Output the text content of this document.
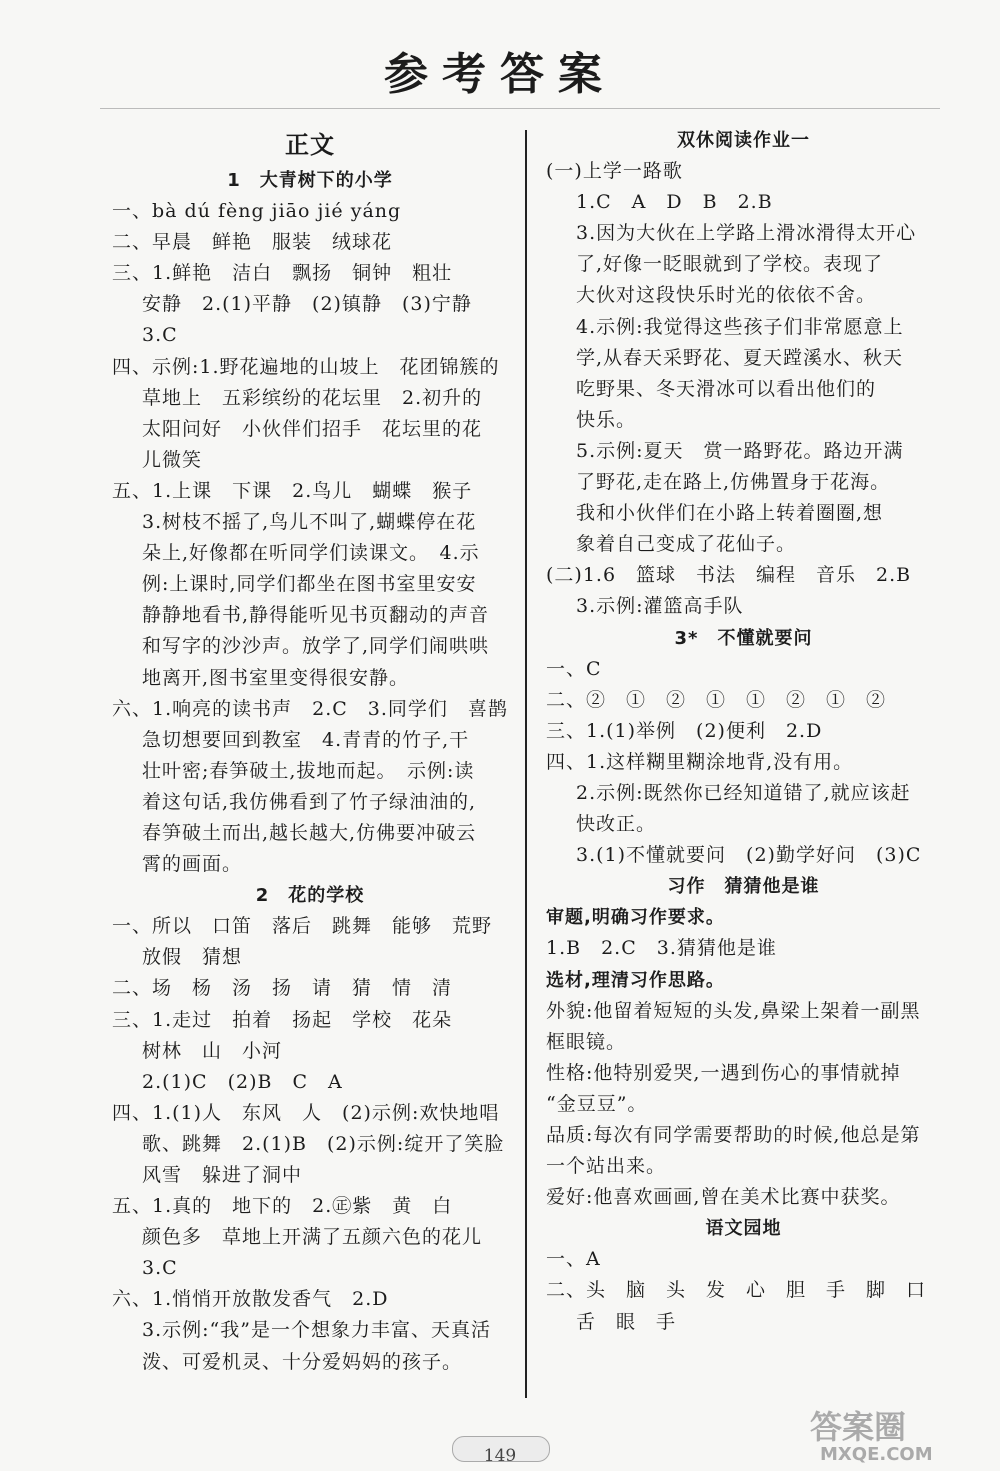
参考答案
正文
1　大青树下的小学
一、bà dú fèng jiāo jié yáng
二、早晨　鲜艳　服装　绒球花
三、1.鲜艳　洁白　飘扬　铜钟　粗壮
安静　2.(1)平静　(2)镇静　(3)宁静
3.C
四、示例:1.野花遍地的山坡上　花团锦簇的
草地上　五彩缤纷的花坛里　2.初升的
太阳问好　小伙伴们招手　花坛里的花
儿微笑
五、1.上课　下课　2.鸟儿　蝴蝶　猴子
3.树枝不摇了,鸟儿不叫了,蝴蝶停在花
朵上,好像都在听同学们读课文。　4.示
例:上课时,同学们都坐在图书室里安安
静静地看书,静得能听见书页翻动的声音
和写字的沙沙声。放学了,同学们闹哄哄
地离开,图书室里变得很安静。
六、1.响亮的读书声　2.C　3.同学们　喜鹊
急切想要回到教室　4.青青的竹子,干
壮叶密;春笋破土,拔地而起。　示例:读
着这句话,我仿佛看到了竹子绿油油的,
春笋破土而出,越长越大,仿佛要冲破云
霄的画面。
2　花的学校
一、所以　口笛　落后　跳舞　能够　荒野
放假　猜想
二、场　杨　汤　扬　请　猜　情　清
三、1.走过　拍着　扬起　学校　花朵
树林　山　小河
2.(1)C　(2)B　C　A
四、1.(1)人　东风　人　(2)示例:欢快地唱
歌、跳舞　2.(1)B　(2)示例:绽开了笑脸
风雪　躲进了洞中
五、1.真的　地下的　2.㊣紫　黄　白
颜色多　草地上开满了五颜六色的花儿
3.C
六、1.悄悄开放散发香气　2.D
3.示例:“我”是一个想象力丰富、天真活
泼、可爱机灵、十分爱妈妈的孩子。
双休阅读作业一
(一)上学一路歌
1.C　A　D　B　2.B
3.因为大伙在上学路上滑冰滑得太开心
了,好像一眨眼就到了学校。表现了
大伙对这段快乐时光的依依不舍。
4.示例:我觉得这些孩子们非常愿意上
学,从春天采野花、夏天蹚溪水、秋天
吃野果、冬天滑冰可以看出他们的
快乐。
5.示例:夏天　赏一路野花。路边开满
了野花,走在路上,仿佛置身于花海。
我和小伙伴们在小路上转着圈圈,想
象着自己变成了花仙子。
(二)1.6　篮球　书法　编程　音乐　2.B
3.示例:灌篮高手队
3*　不懂就要问
一、C
二、②　①　②　①　①　②　①　②
三、1.(1)举例　(2)便利　2.D
四、1.这样糊里糊涂地背,没有用。
2.示例:既然你已经知道错了,就应该赶
快改正。
3.(1)不懂就要问　(2)勤学好问　(3)C
习作　猜猜他是谁
审题,明确习作要求。
1.B　2.C　3.猜猜他是谁
选材,理清习作思路。
外貌:他留着短短的头发,鼻梁上架着一副黑
框眼镜。
性格:他特别爱哭,一遇到伤心的事情就掉
“金豆豆”。
品质:每次有同学需要帮助的时候,他总是第
一个站出来。
爱好:他喜欢画画,曾在美术比赛中获奖。
语文园地
一、A
二、头　脑　头　发　心　胆　手　脚　口
舌　眼　手
149
答案圈
MXQE.COM
